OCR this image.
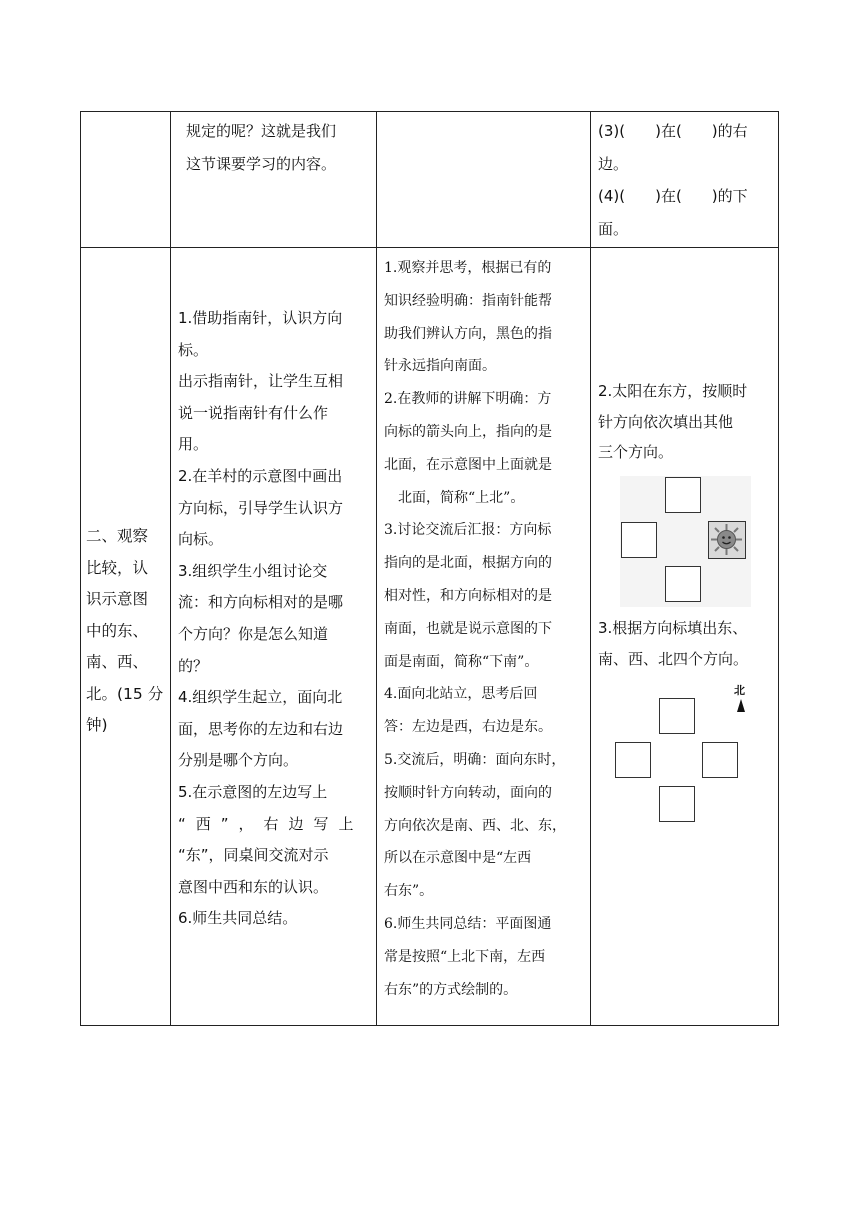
规定的呢？这就是我们

这节课要学习的内容。

(3)(　　)在(　　)的右

边。

(4)(　　)在(　　)的下

面。

二、观察

比较，认

识示意图

中的东、

南、西、

北。(15 分

钟)

1.借助指南针，认识方向

标。

出示指南针，让学生互相

说一说指南针有什么作

用。

2.在羊村的示意图中画出

方向标，引导学生认识方

向标。

3.组织学生小组讨论交

流：和方向标相对的是哪

个方向？你是怎么知道

的？

4.组织学生起立，面向北

面，思考你的左边和右边

分别是哪个方向。

5.在示意图的左边写上

“西”，右边写上

“东”，同桌间交流对示

意图中西和东的认识。

6.师生共同总结。

1.观察并思考，根据已有的

知识经验明确：指南针能帮

助我们辨认方向，黑色的指

针永远指向南面。

2.在教师的讲解下明确：方

向标的箭头向上，指向的是

北面，在示意图中上面就是

北面，简称“上北”。

3.讨论交流后汇报：方向标

指向的是北面，根据方向的

相对性，和方向标相对的是

南面，也就是说示意图的下

面是南面，简称“下南”。

4.面向北站立，思考后回

答：左边是西，右边是东。

5.交流后，明确：面向东时，

按顺时针方向转动，面向的

方向依次是南、西、北、东，

所以在示意图中是“左西

右东”。

6.师生共同总结：平面图通

常是按照“上北下南，左西

右东”的方式绘制的。

2.太阳在东方，按顺时

针方向依次填出其他

三个方向。

3.根据方向标填出东、

南、西、北四个方向。

北
